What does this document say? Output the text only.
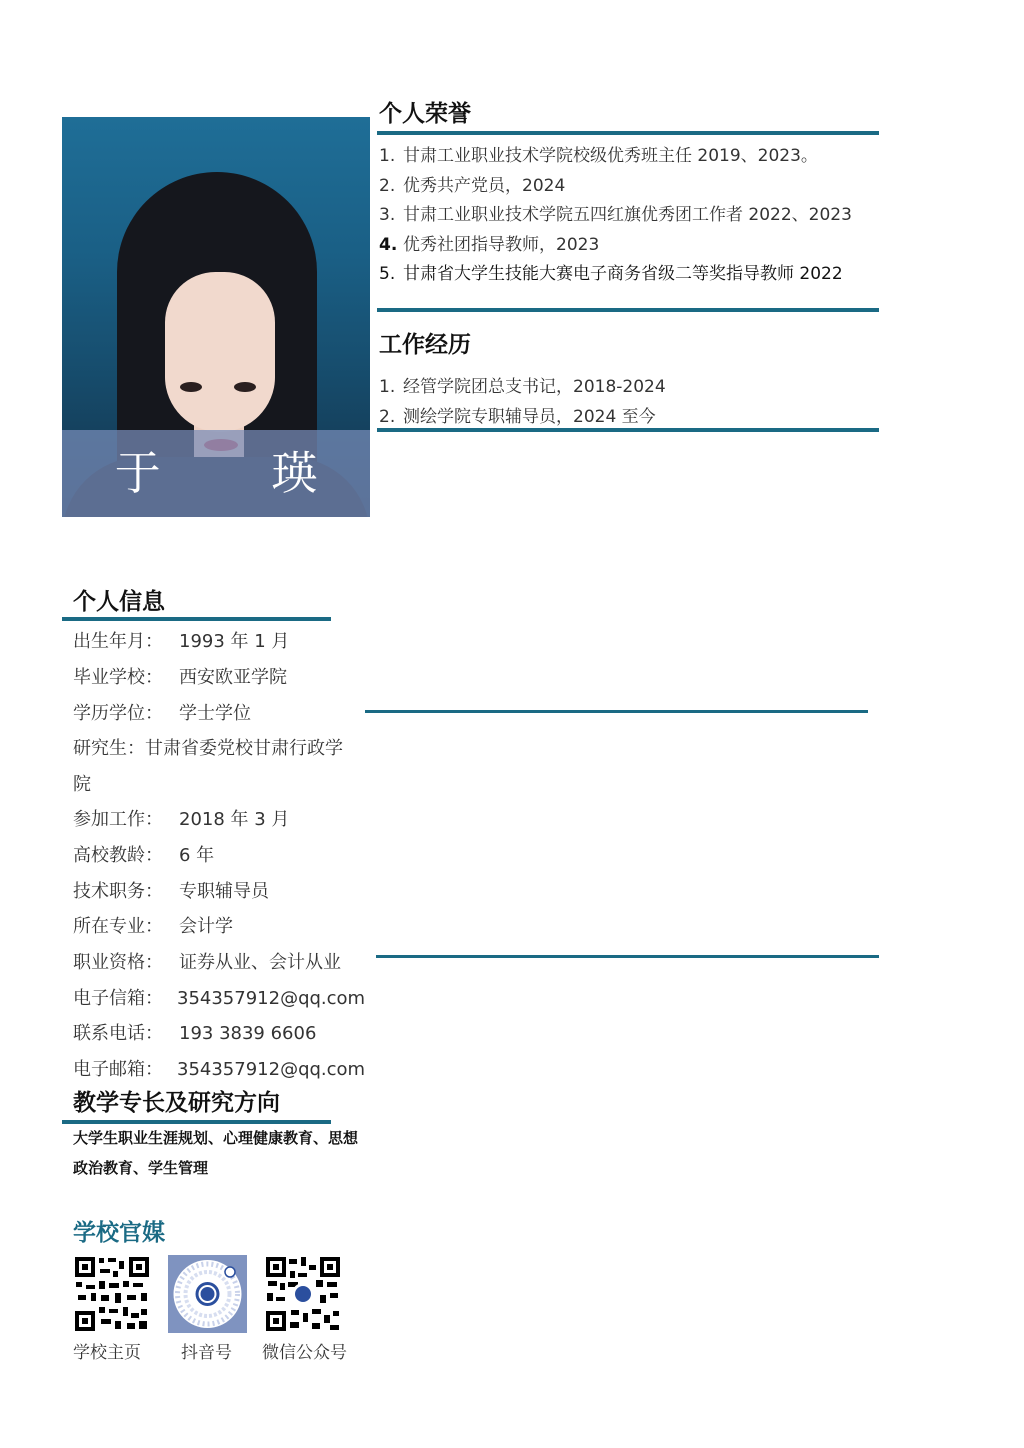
于 瑛
个人荣誉
1. 甘肃工业职业技术学院校级优秀班主任 2019、2023。
2. 优秀共产党员，2024
3. 甘肃工业职业技术学院五四红旗优秀团工作者 2022、2023
4. 优秀社团指导教师，2023
5. 甘肃省大学生技能大赛电子商务省级二等奖指导教师 2022
工作经历
1. 经管学院团总支书记，2018-2024
2. 测绘学院专职辅导员，2024 至今
个人信息
出生年月： 1993 年 1 月
毕业学校： 西安欧亚学院
学历学位： 学士学位
研究生：甘肃省委党校甘肃行政学
院
参加工作： 2018 年 3 月
高校教龄： 6 年
技术职务： 专职辅导员
所在专业： 会计学
职业资格： 证券从业、会计从业
电子信箱： 354357912@qq.com
联系电话： 193 3839 6606
电子邮箱： 354357912@qq.com
教学专长及研究方向
大学生职业生涯规划、心理健康教育、思想政治教育、学生管理
学校官媒
学校主页 抖音号 微信公众号
